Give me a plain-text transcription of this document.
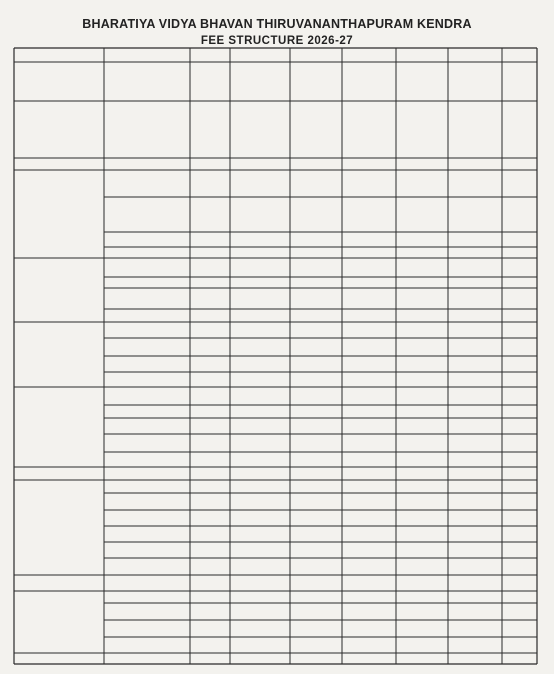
BHARATIYA VIDYA BHAVAN THIRUVANANTHAPURAM KENDRA
FEE STRUCTURE 2026-27
